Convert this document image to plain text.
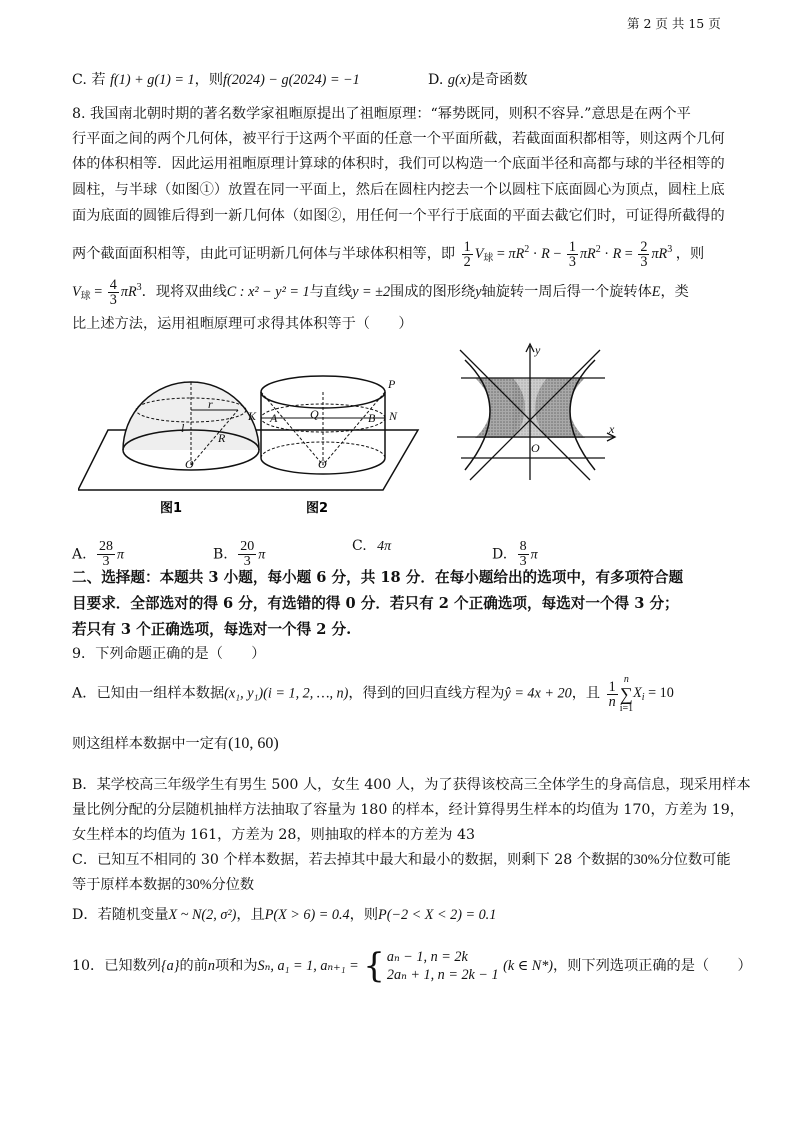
第 2 页 共 15 页
C. 若 f(1) + g(1) = 1，则f(2024) − g(2024) = −1	D. g(x)是奇函数
8. 我国南北朝时期的著名数学家祖暅原提出了祖暅原理：“幂势既同，则积不容异.”意思是在两个平
行平面之间的两个几何体，被平行于这两个平面的任意一个平面所截，若截面面积都相等，则这两个几何
体的体积相等．因此运用祖暅原理计算球的体积时，我们可以构造一个底面半径和高都与球的半径相等的
圆柱，与半球（如图①）放置在同一平面上，然后在圆柱内挖去一个以圆柱下底面圆心为顶点，圆柱上底
面为底面的圆锥后得到一新几何体（如图②，用任何一个平行于底面的平面去截它们时，可证得所截得的
两个截面面积相等，由此可证明新几何体与半球体积相等，即 $\frac{1}{2} V_球 = \pi R^2 \cdot R - \frac{1}{3} \pi R^2 \cdot R = \frac{2}{3} \pi R^3$ ，则
$V_球 = \frac{4}{3} \pi R^3$．现将双曲线C : x² − y² = 1与直线y = ±2围成的图形绕y轴旋转一周后得一个旋转体E，类
比上述方法，运用祖暅原理可求得其体积等于（　　）
r
l
R
O
P
K A	Q	B N
O
图1	图2
y
x
O
A. $\frac{28}{3}$ π	B. $\frac{20}{3}$ π
C. 4π	D. $\frac{8}{3}$ π
二、选择题：本题共 3 小题，每小题 6 分，共 18 分．在每小题给出的选项中，有多项符合题
目要求．全部选对的得 6 分，有选错的得 0 分．若只有 2 个正确选项，每选对一个得 3 分；
若只有 3 个正确选项，每选对一个得 2 分.
9．下列命题正确的是（　　）
A．已知由一组样本数据(x₁, y₁)(i = 1, 2, …, n)，得到的回归直线方程为ŷ = 4x + 20，且 $\frac{1}{n}$ n
∑
i=1
$X_i = 10$
则这组样本数据中一定有(10, 60)
B．某学校高三年级学生有男生 500 人，女生 400 人，为了获得该校高三全体学生的身高信息，现采用样本
量比例分配的分层随机抽样方法抽取了容量为 180 的样本，经计算得男生样本的均值为 170，方差为 19，
女生样本的均值为 161，方差为 28，则抽取的样本的方差为 43
C．已知互不相同的 30 个样本数据，若去掉其中最大和最小的数据，则剩下 28 个数据的30%分位数可能
等于原样本数据的30%分位数
D．若随机变量X ~ N(2, σ²)，且P(X > 6) = 0.4，则P(−2 < X < 2) = 0.1
10．已知数列{a}的前n项和为Sₙ, a₁ = 1, aₙ₊₁ = { aₙ − 1, n = 2k
2aₙ + 1, n = 2k − 1
(k ∈ N*)，则下列选项正确的是（　　）
